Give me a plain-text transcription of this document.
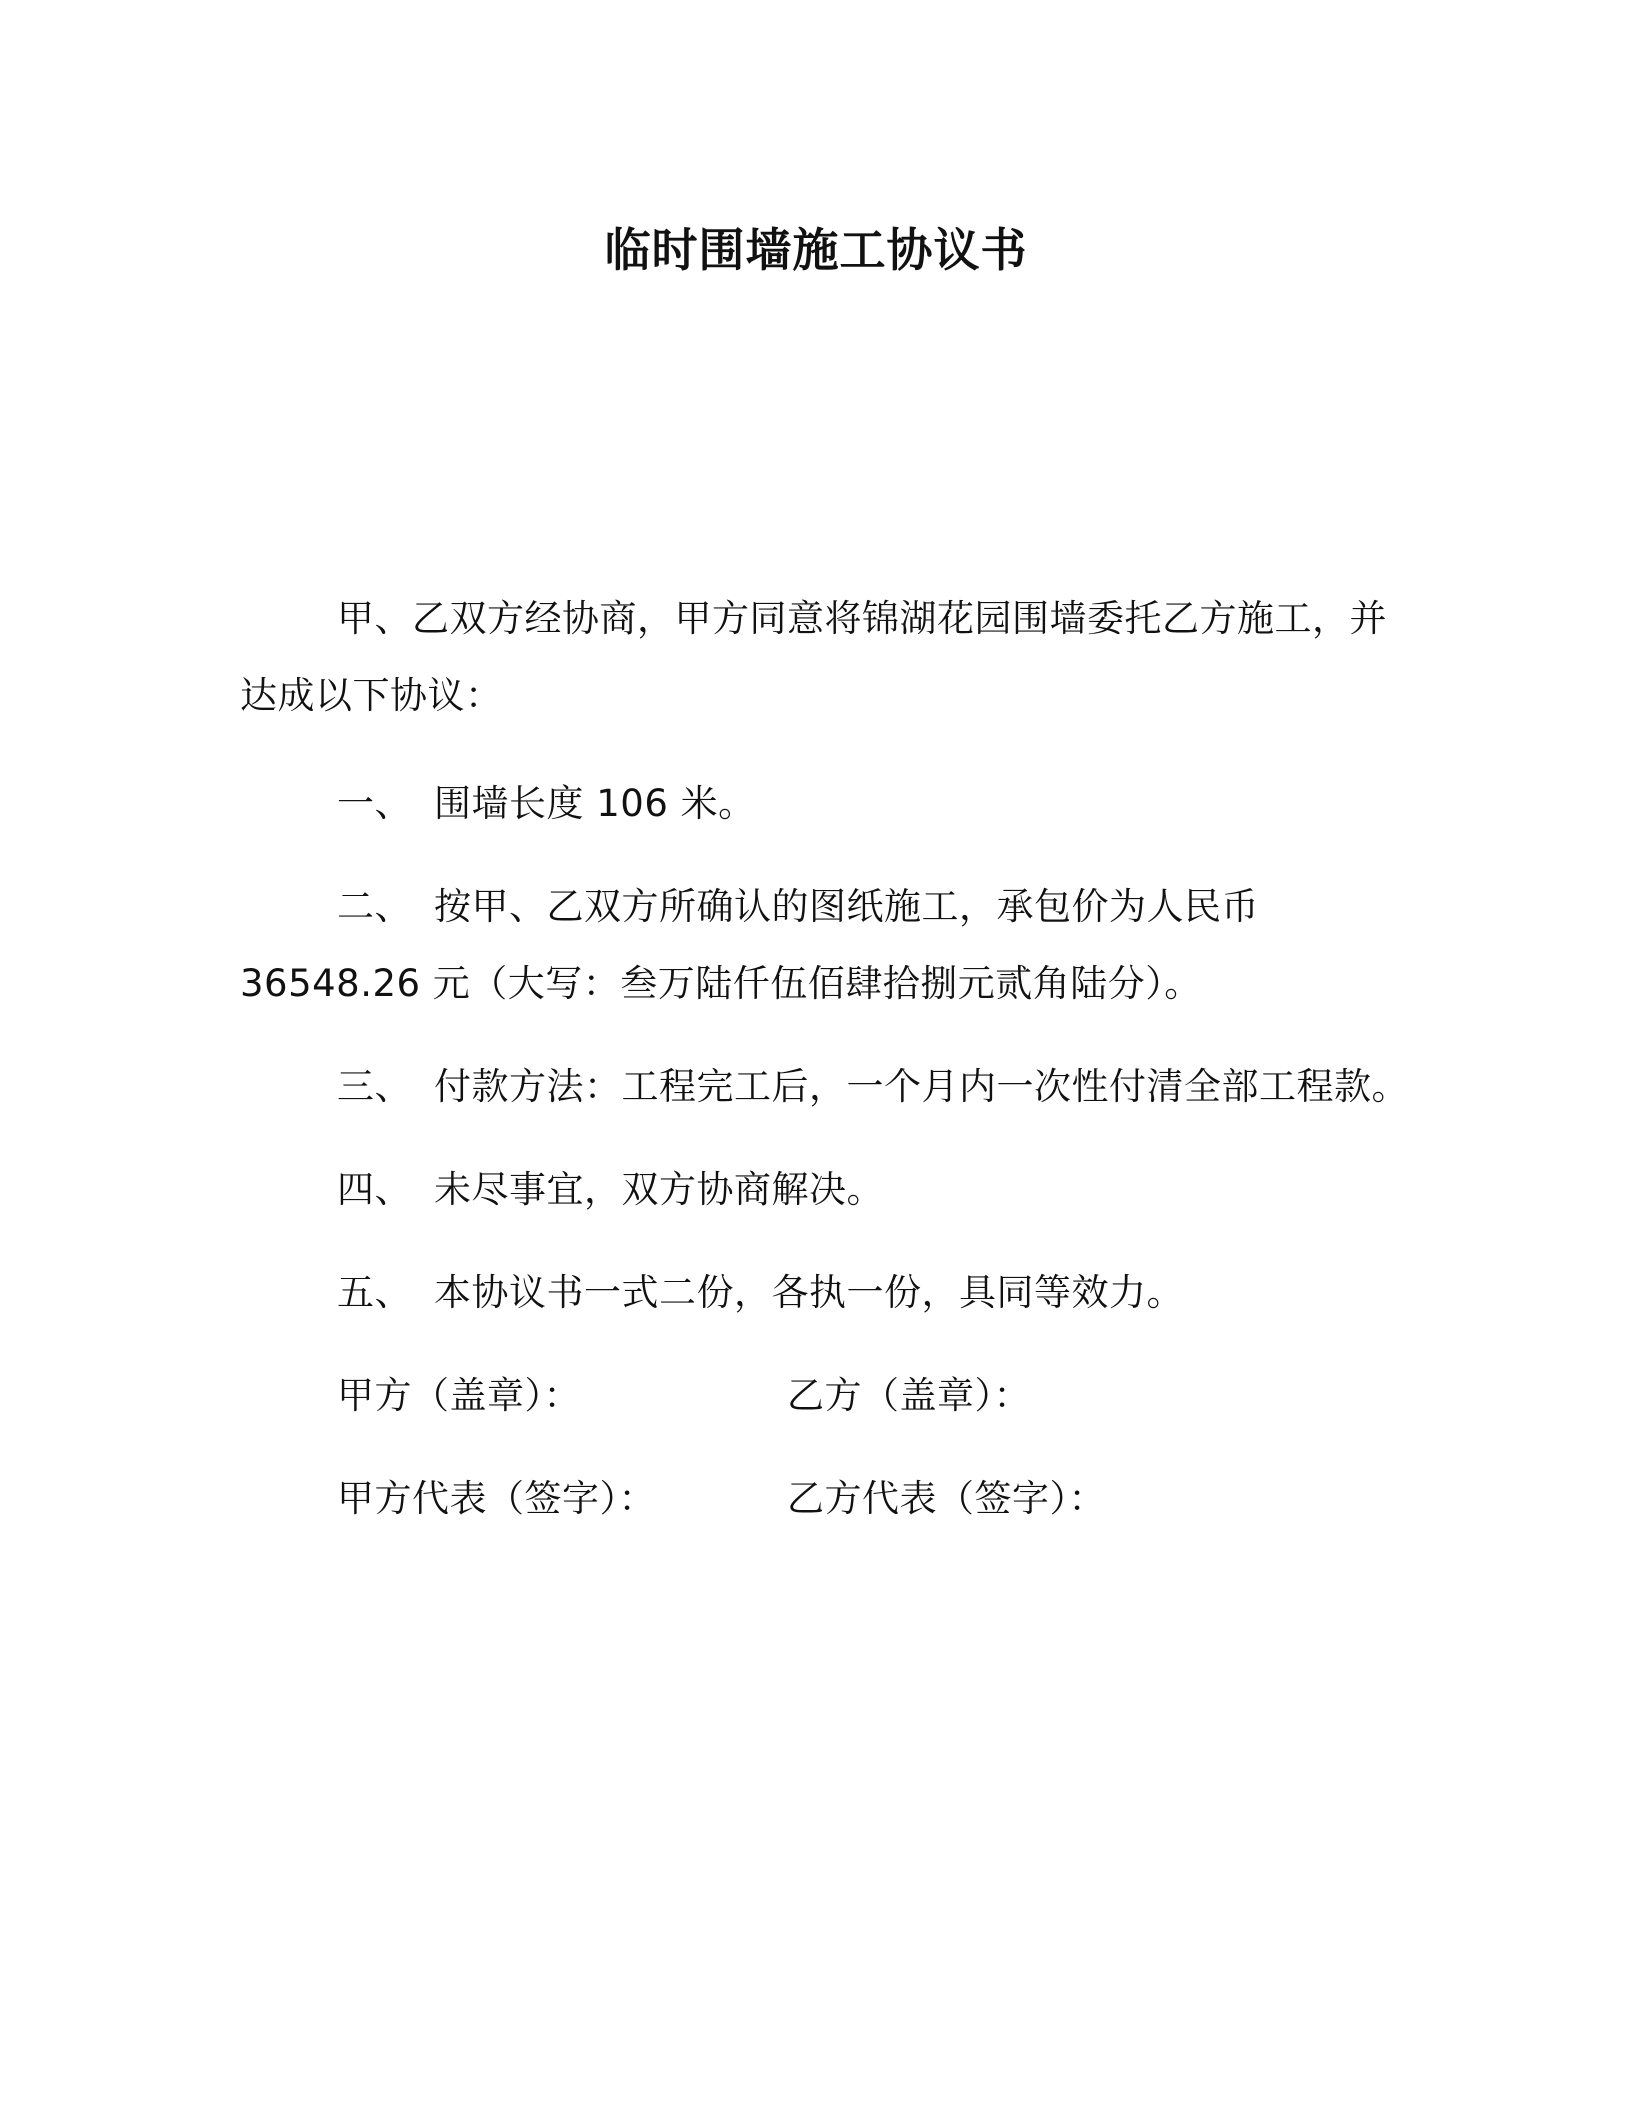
临时围墙施工协议书
甲、乙双方经协商，甲方同意将锦湖花园围墙委托乙方施工，并
达成以下协议：
一、 围墙长度 106 米。
二、 按甲、乙双方所确认的图纸施工，承包价为人民币
36548.26 元（大写：叁万陆仟伍佰肆拾捌元贰角陆分）。
三、 付款方法：工程完工后，一个月内一次性付清全部工程款。
四、 未尽事宜，双方协商解决。
五、 本协议书一式二份，各执一份，具同等效力。
甲方（盖章）：	乙方（盖章）：
甲方代表（签字）：	乙方代表（签字）：
